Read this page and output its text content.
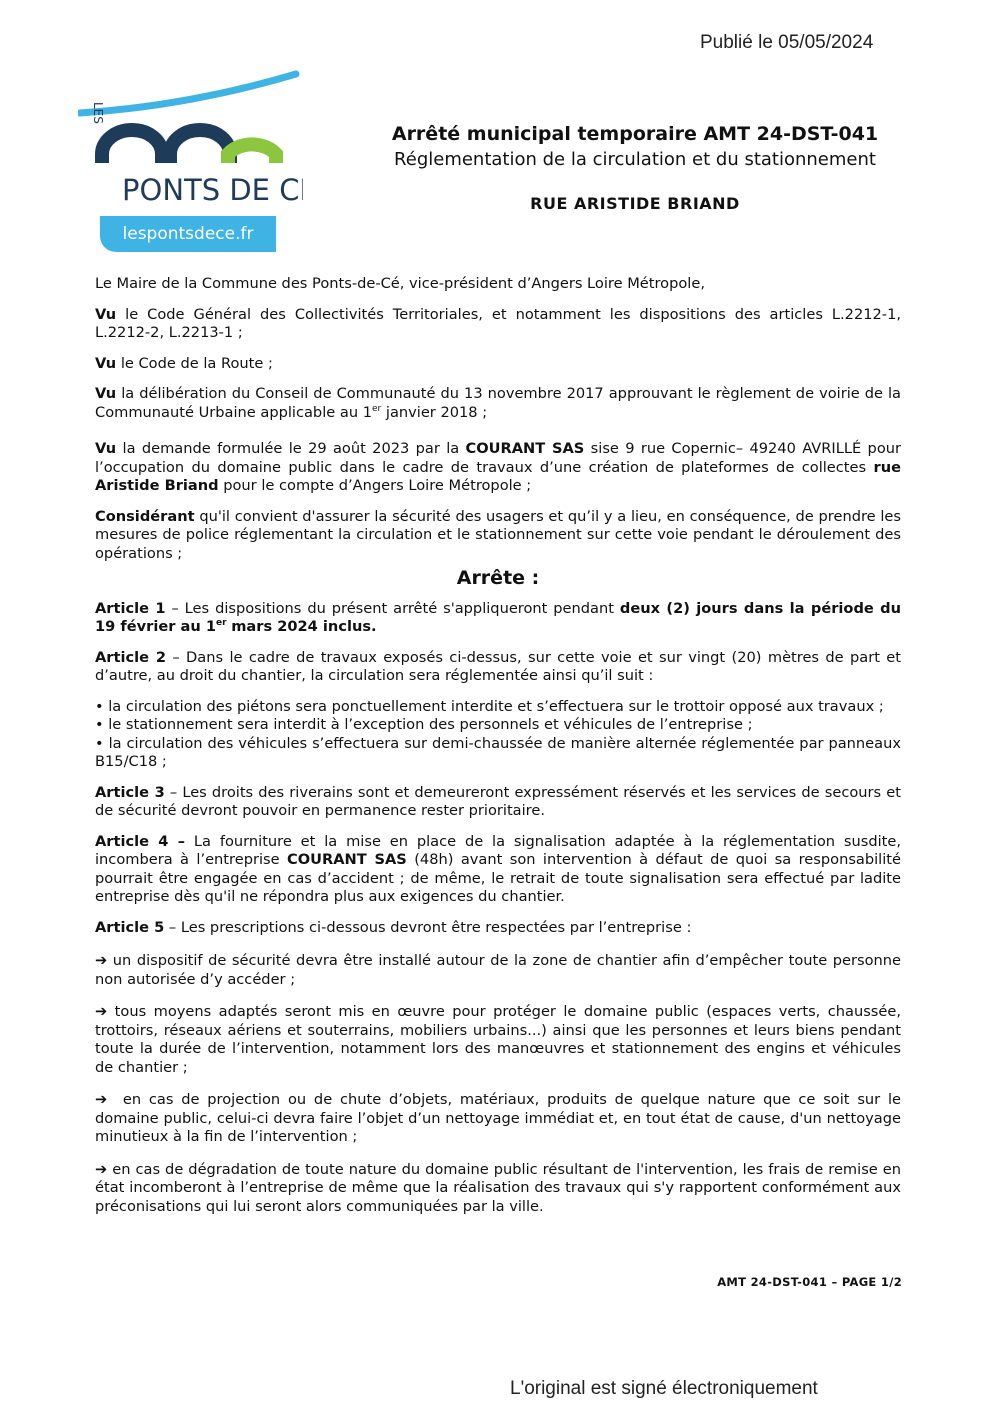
Publié le 05/05/2024
LES
PONTS DE CÉ
lespontsdece.fr

Arrêté municipal temporaire AMT 24-DST-041

Réglementation de la circulation et du stationnement

RUE ARISTIDE BRIAND

Le Maire de la Commune des Ponts-de-Cé, vice-président d’Angers Loire Métropole,

Vu le Code Général des Collectivités Territoriales, et notamment les dispositions des articles L.2212-1, L.2212-2, L.2213-1 ;

Vu le Code de la Route ;

Vu la délibération du Conseil de Communauté du 13 novembre 2017 approuvant le règlement de voirie de la Communauté Urbaine applicable au 1er janvier 2018 ;

Vu la demande formulée le 29 août 2023 par la COURANT SAS sise 9 rue Copernic– 49240 AVRILLÉ pour l’occupation du domaine public dans le cadre de travaux d’une création de plateformes de collectes rue Aristide Briand pour le compte d’Angers Loire Métropole ;

Considérant qu'il convient d'assurer la sécurité des usagers et qu’il y a lieu, en conséquence, de prendre les mesures de police réglementant la circulation et le stationnement sur cette voie pendant le déroulement des opérations ;

Arrête :

Article 1 – Les dispositions du présent arrêté s'appliqueront pendant deux (2) jours dans la période du 19 février au 1er mars 2024 inclus.

Article 2 – Dans le cadre de travaux exposés ci-dessus, sur cette voie et sur vingt (20) mètres de part et d’autre, au droit du chantier, la circulation sera réglementée ainsi qu’il suit :

• la circulation des piétons sera ponctuellement interdite et s’effectuera sur le trottoir opposé aux travaux ;

• le stationnement sera interdit à l’exception des personnels et véhicules de l’entreprise ;

• la circulation des véhicules s’effectuera sur demi-chaussée de manière alternée réglementée par panneaux B15/C18 ;

Article 3 – Les droits des riverains sont et demeureront expressément réservés et les services de secours et de sécurité devront pouvoir en permanence rester prioritaire.

Article 4 – La fourniture et la mise en place de la signalisation adaptée à la réglementation susdite, incombera à l’entreprise COURANT SAS (48h) avant son intervention à défaut de quoi sa responsabilité pourrait être engagée en cas d’accident ; de même, le retrait de toute signalisation sera effectué par ladite entreprise dès qu'il ne répondra plus aux exigences du chantier.

Article 5 – Les prescriptions ci-dessous devront être respectées par l’entreprise :

➔ un dispositif de sécurité devra être installé autour de la zone de chantier afin d’empêcher toute personne non autorisée d’y accéder ;

➔ tous moyens adaptés seront mis en œuvre pour protéger le domaine public (espaces verts, chaussée, trottoirs, réseaux aériens et souterrains, mobiliers urbains...) ainsi que les personnes et leurs biens pendant toute la durée de l’intervention, notamment lors des manœuvres et stationnement des engins et véhicules de chantier ;

➔ en cas de projection ou de chute d’objets, matériaux, produits de quelque nature que ce soit sur le domaine public, celui-ci devra faire l’objet d’un nettoyage immédiat et, en tout état de cause, d'un nettoyage minutieux à la fin de l’intervention ;

➔ en cas de dégradation de toute nature du domaine public résultant de l'intervention, les frais de remise en état incomberont à l’entreprise de même que la réalisation des travaux qui s'y rapportent conformément aux préconisations qui lui seront alors communiquées par la ville.

AMT 24-DST-041 – PAGE 1/2
L'original est signé électroniquement
